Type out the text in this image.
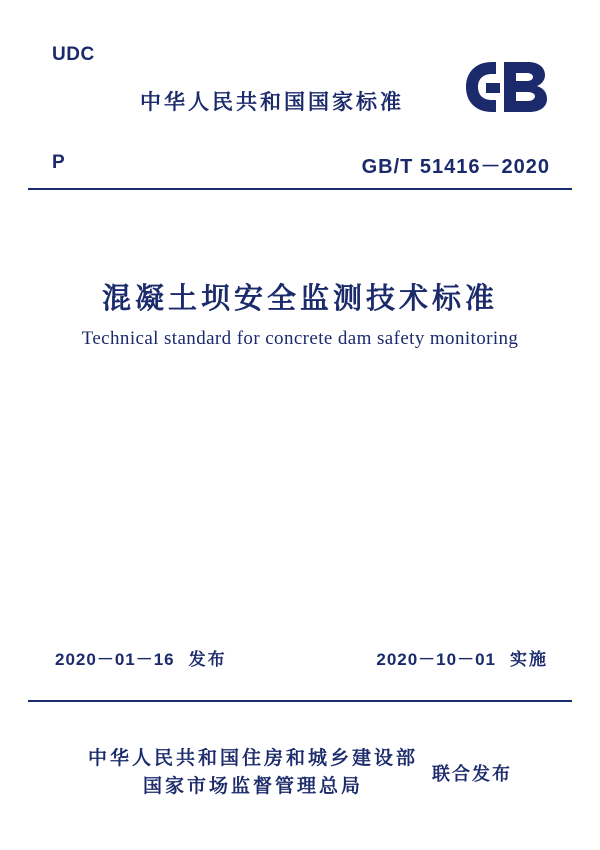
UDC
中华人民共和国国家标准
P	GB/T 51416－2020
混凝土坝安全监测技术标准
Technical standard for concrete dam safety monitoring
2020－01－16 发布	2020－10－01 实施
中华人民共和国住房和城乡建设部
国家市场监督管理总局
联合发布
